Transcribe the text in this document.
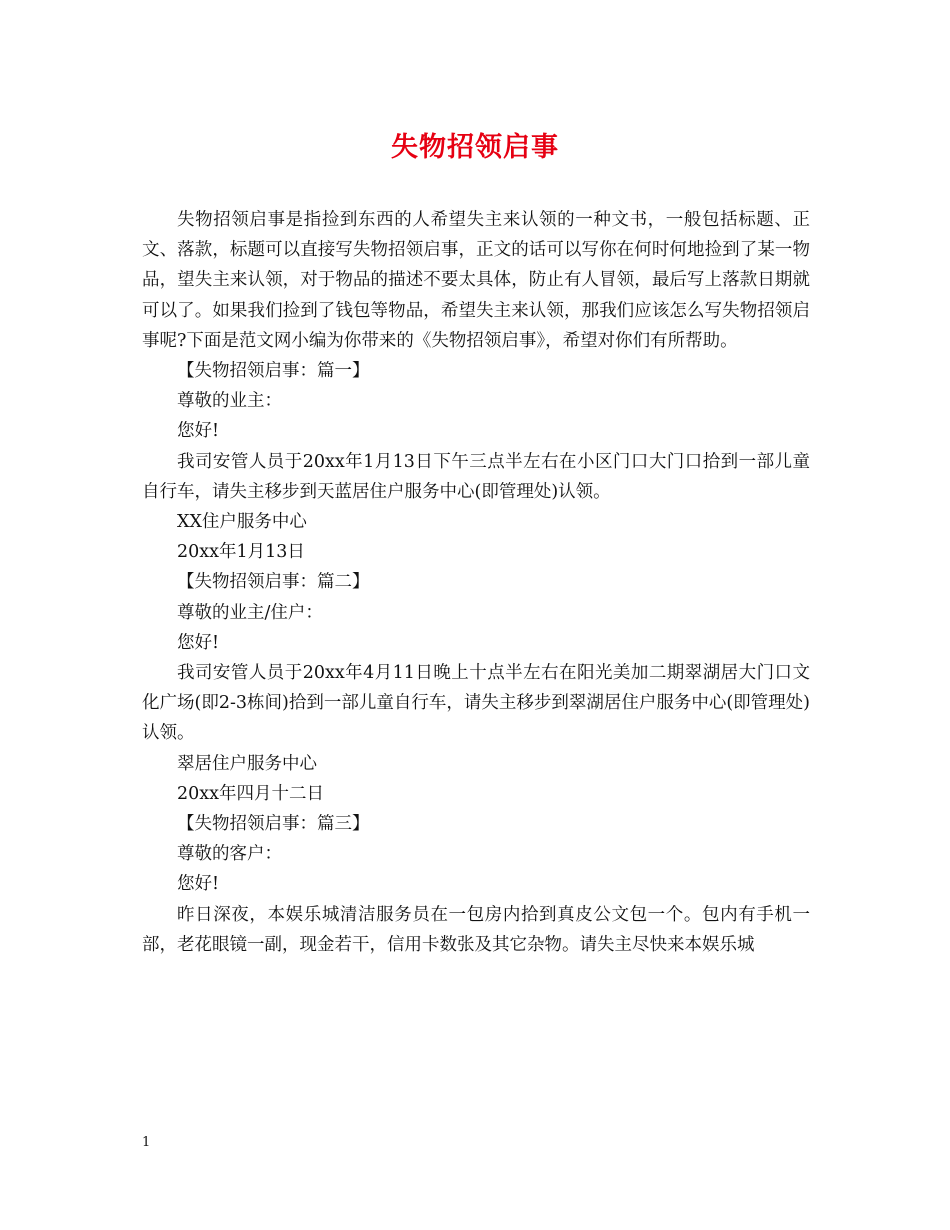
失物招领启事

失物招领启事是指捡到东西的人希望失主来认领的一种文书，一般包括标题、正文、落款，标题可以直接写失物招领启事，正文的话可以写你在何时何地捡到了某一物品，望失主来认领，对于物品的描述不要太具体，防止有人冒领，最后写上落款日期就可以了。如果我们捡到了钱包等物品，希望失主来认领，那我们应该怎么写失物招领启事呢?下面是范文网小编为你带来的《失物招领启事》，希望对你们有所帮助。

【失物招领启事：篇一】

尊敬的业主：

您好!

我司安管人员于20xx年1月13日下午三点半左右在小区门口大门口拾到一部儿童自行车，请失主移步到天蓝居住户服务中心(即管理处)认领。

XX住户服务中心

20xx年1月13日

【失物招领启事：篇二】

尊敬的业主/住户：

您好!

我司安管人员于20xx年4月11日晚上十点半左右在阳光美加二期翠湖居大门口文化广场(即2-3栋间)拾到一部儿童自行车，请失主移步到翠湖居住户服务中心(即管理处)认领。

翠居住户服务中心

20xx年四月十二日

【失物招领启事：篇三】

尊敬的客户：

您好!

昨日深夜，本娱乐城清洁服务员在一包房内拾到真皮公文包一个。包内有手机一部，老花眼镜一副，现金若干，信用卡数张及其它杂物。请失主尽快来本娱乐城

1
